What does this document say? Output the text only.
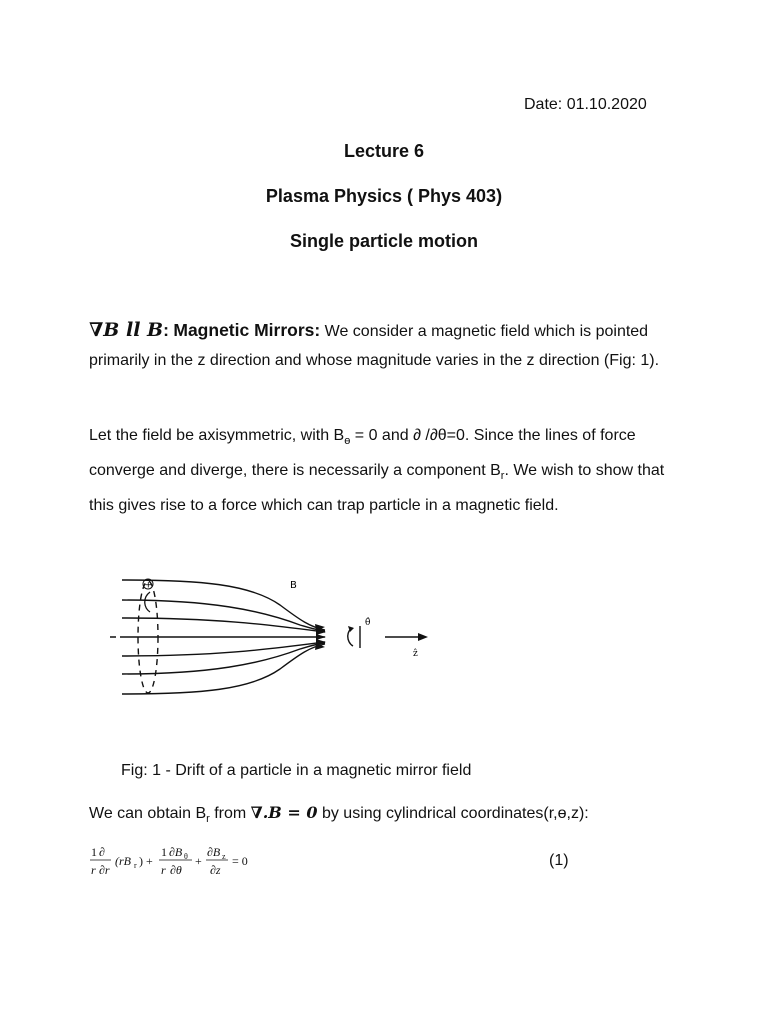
Date: 01.10.2020
Lecture 6
Plasma Physics ( Phys 403)
Single particle motion
∇B ll B: Magnetic Mirrors: We consider a magnetic field which is pointed primarily in the z direction and whose magnitude varies in the z direction (Fig: 1).
Let the field be axisymmetric, with $B_ɵ = 0$ and ∂ /∂θ=0. Since the lines of force converge and diverge, there is necessarily a component $B_r$. We wish to show that this gives rise to a force which can trap particle in a magnetic field.
+	B
θ̂
ẑ
Fig: 1 - Drift of a particle in a magnetic mirror field
We can obtain $B_r$ from ∇.B = 0 by using cylindrical coordinates(r,ɵ,z):
1 ∂
r ∂r
(rB r ) +
1 ∂B θ
r ∂θ
+
∂B z
∂z
= 0	(1)
